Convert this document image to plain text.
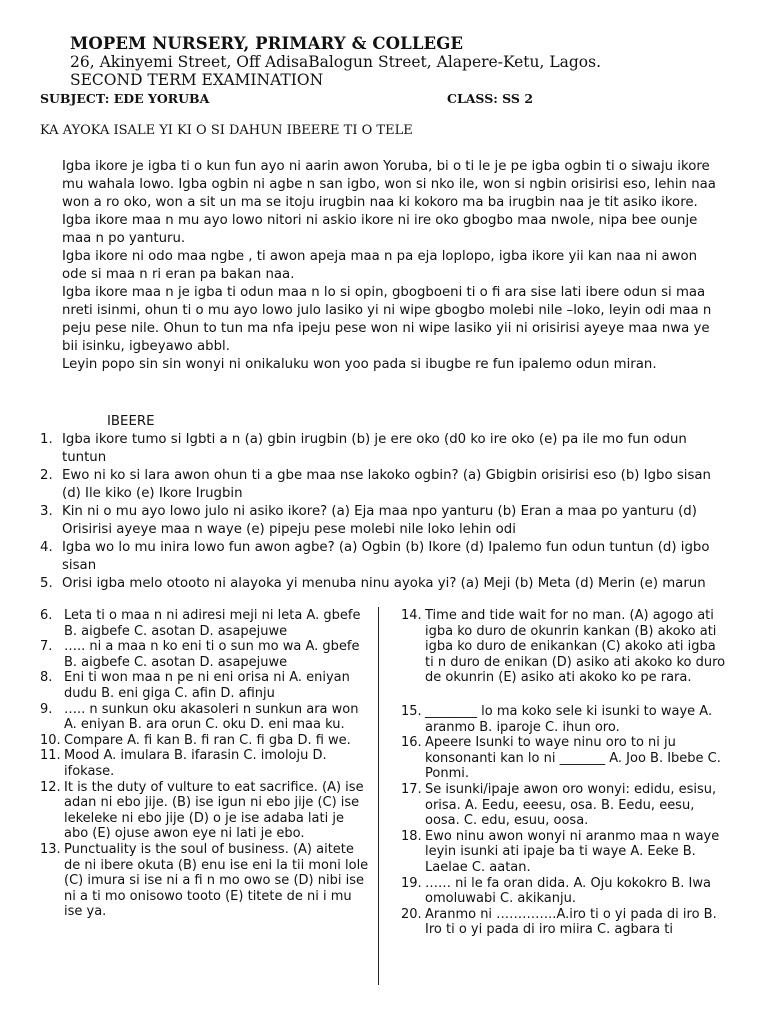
MOPEM NURSERY, PRIMARY & COLLEGE
26, Akinyemi Street, Off AdisaBalogun Street, Alapere-Ketu, Lagos.
SECOND TERM EXAMINATION
SUBJECT: EDE YORUBA	CLASS: SS 2
KA AYOKA ISALE YI KI O SI DAHUN IBEERE TI O TELE

Igba ikore je igba ti o kun fun ayo ni aarin awon Yoruba, bi o ti le je pe igba ogbin ti o siwaju ikore mu wahala lowo. Igba ogbin ni agbe n san igbo, won si nko ile, won si ngbin orisirisi eso, lehin naa won a ro oko, won a sit un ma se itoju irugbin naa ki kokoro ma ba irugbin naa je tit asiko ikore.

Igba ikore maa n mu ayo lowo nitori ni askio ikore ni ire oko gbogbo maa nwole, nipa bee ounje maa n po yanturu.

Igba ikore ni odo maa ngbe , ti awon apeja maa n pa eja loplopo, igba ikore yii kan naa ni awon ode si maa n ri eran pa bakan naa.

Igba ikore maa n je igba ti odun maa n lo si opin, gbogboeni ti o fi ara sise lati ibere odun si maa nreti isinmi, ohun ti o mu ayo lowo julo lasiko yi ni wipe gbogbo molebi nile –loko, leyin odi maa n peju pese nile. Ohun to tun ma nfa ipeju pese won ni wipe lasiko yii ni orisirisi ayeye maa nwa ye bii isinku, igbeyawo abbl.

Leyin popo sin sin wonyi ni onikaluku won yoo pada si ibugbe re fun ipalemo odun miran.

IBEERE
1. Igba ikore tumo si Igbti a n (a) gbin irugbin (b) je ere oko (d0 ko ire oko (e) pa ile mo fun odun tuntun
2. Ewo ni ko si lara awon ohun ti a gbe maa nse lakoko ogbin? (a) Gbigbin orisirisi eso (b) Igbo sisan (d) Ile kiko (e) Ikore Irugbin
3. Kin ni o mu ayo lowo julo ni asiko ikore? (a) Eja maa npo yanturu (b) Eran a maa po yanturu (d) Orisirisi ayeye maa n waye (e) pipeju pese molebi nile loko lehin odi
4. Igba wo lo mu inira lowo fun awon agbe? (a) Ogbin (b) Ikore (d) Ipalemo fun odun tuntun (d) igbo sisan
5. Orisi igba melo otooto ni alayoka yi menuba ninu ayoka yi? (a) Meji (b) Meta (d) Merin (e) marun
6. Leta ti o maa n ni adiresi meji ni leta A. gbefe B. aigbefe C. asotan D. asapejuwe
7. ….. ni a maa n ko eni ti o sun mo wa A. gbefe B. aigbefe C. asotan D. asapejuwe
8. Eni ti won maa n pe ni eni orisa ni A. eniyan dudu B. eni giga C. afin D. afinju
9. ….. n sunkun oku akasoleri n sunkun ara won A. eniyan B. ara orun C. oku D. eni maa ku.
10. Compare A. fi kan B. fi ran C. fi gba D. fi we.
11. Mood A. imulara B. ifarasin C. imoloju D. ifokase.
12. It is the duty of vulture to eat sacrifice. (A) ise adan ni ebo jije. (B) ise igun ni ebo jije (C) ise lekeleke ni ebo jije (D) o je ise adaba lati je abo (E) ojuse awon eye ni lati je ebo.
13. Punctuality is the soul of business. (A) aitete de ni ibere okuta (B) enu ise eni la tii moni lole (C) imura si ise ni a fi n mo owo se (D) nibi ise ni a ti mo onisowo tooto (E) titete de ni i mu ise ya.
14. Time and tide wait for no man. (A) agogo ati igba ko duro de okunrin kankan (B) akoko ati igba ko duro de enikankan (C) akoko ati igba ti n duro de enikan (D) asiko ati akoko ko duro de okunrin (E) asiko ati akoko ko pe rara.
15. ________ lo ma koko sele ki isunki to waye A. aranmo B. iparoje C. ihun oro.
16. Apeere Isunki to waye ninu oro to ni ju konsonanti kan lo ni _______ A. Joo B. Ibebe C. Ponmi.
17. Se isunki/ipaje awon oro wonyi: edidu, esisu, orisa. A. Eedu, eeesu, osa. B. Eedu, eesu, oosa. C. edu, esuu, oosa.
18. Ewo ninu awon wonyi ni aranmo maa n waye leyin isunki ati ipaje ba ti waye A. Eeke B. Laelae C. aatan.
19. …… ni le fa oran dida. A. Oju kokokro B. Iwa omoluwabi C. akikanju.
20. Aranmo ni …………..A.iro ti o yi pada di iro B. Iro ti o yi pada di iro miira C. agbara ti
